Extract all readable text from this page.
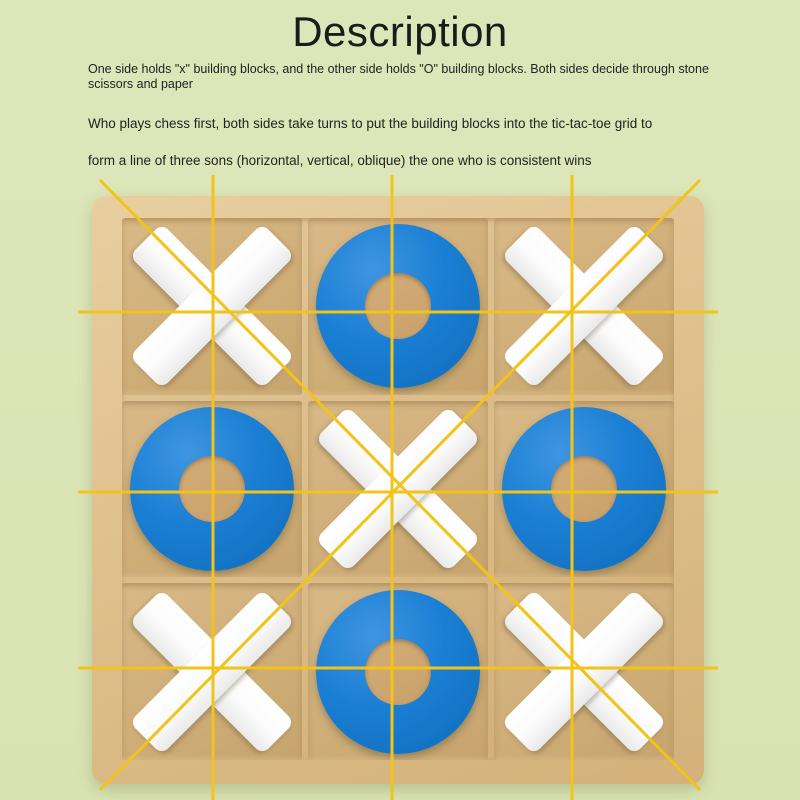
Description
One side holds "x" building blocks, and the other side holds "O" building blocks. Both sides decide through stone scissors and paper
Who plays chess first, both sides take turns to put the building blocks into the tic-tac-toe grid to
form a line of three sons (horizontal, vertical, oblique) the one who is consistent wins
